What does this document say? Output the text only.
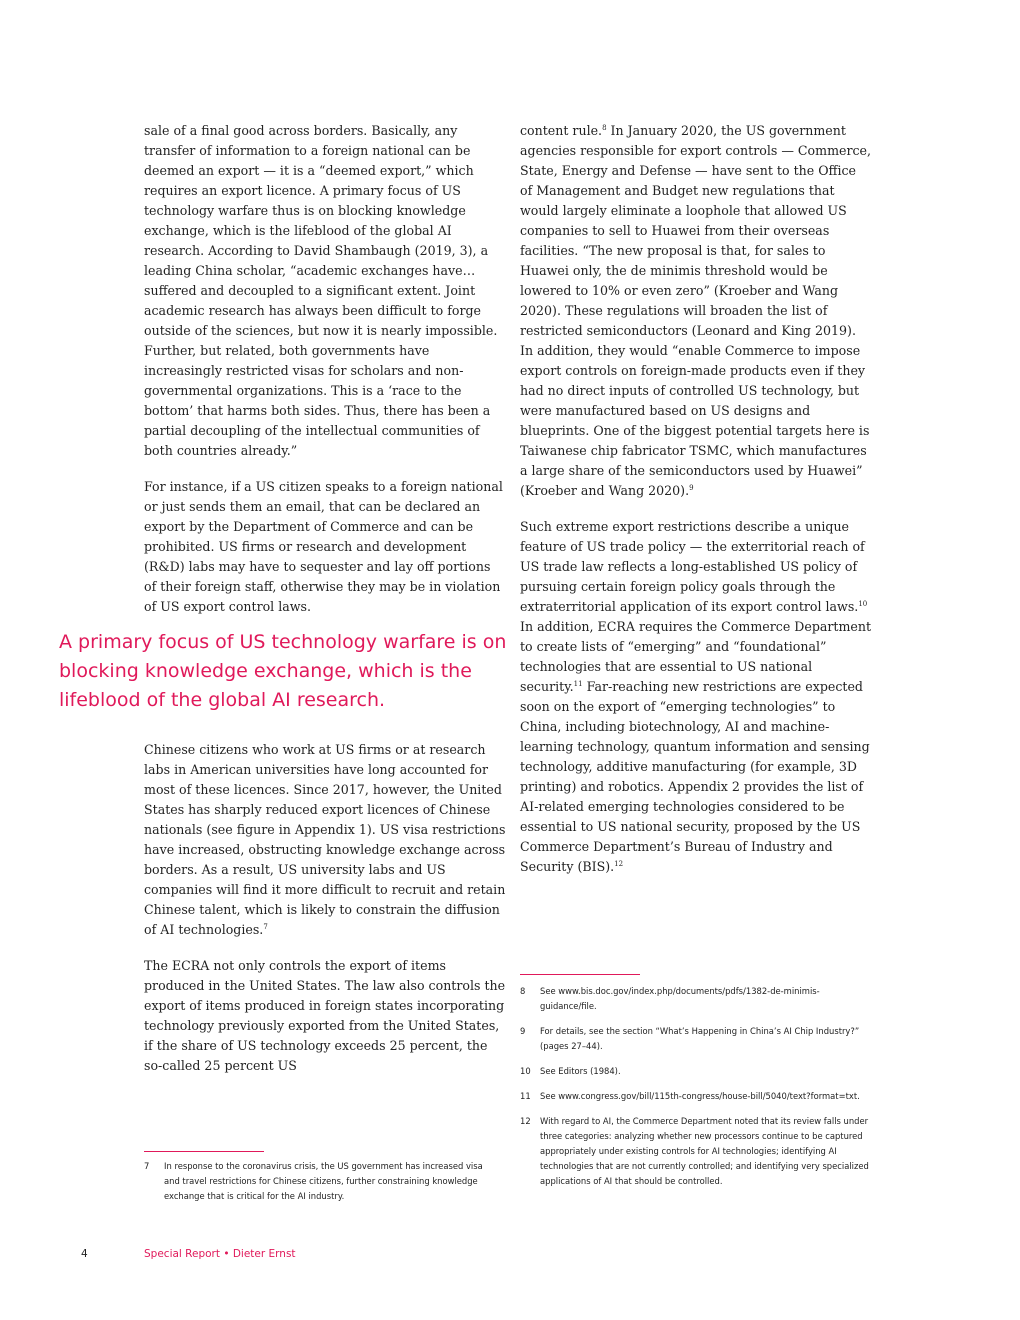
sale of a final good across borders. Basically, any transfer of information to a foreign national can be deemed an export — it is a “deemed export,” which requires an export licence. A primary focus of US technology warfare thus is on blocking knowledge exchange, which is the lifeblood of the global AI research. According to David Shambaugh (2019, 3), a leading China scholar, “academic exchanges have…suffered and decoupled to a significant extent. Joint academic research has always been difficult to forge outside of the sciences, but now it is nearly impossible. Further, but related, both governments have increasingly restricted visas for scholars and non-governmental organizations. This is a ‘race to the bottom’ that harms both sides. Thus, there has been a partial decoupling of the intellectual communities of both countries already.”

For instance, if a US citizen speaks to a foreign national or just sends them an email, that can be declared an export by the Department of Commerce and can be prohibited. US firms or research and development (R&D) labs may have to sequester and lay off portions of their foreign staff, otherwise they may be in violation of US export control laws.

A primary focus of US technology warfare is on blocking knowledge exchange, which is the lifeblood of the global AI research.

Chinese citizens who work at US firms or at research labs in American universities have long accounted for most of these licences. Since 2017, however, the United States has sharply reduced export licences of Chinese nationals (see figure in Appendix 1). US visa restrictions have increased, obstructing knowledge exchange across borders. As a result, US university labs and US companies will find it more difficult to recruit and retain Chinese talent, which is likely to constrain the diffusion of AI technologies.$^7$

The ECRA not only controls the export of items produced in the United States. The law also controls the export of items produced in foreign states incorporating technology previously exported from the United States, if the share of US technology exceeds 25 percent, the so-called 25 percent US

content rule.$^8$ In January 2020, the US government agencies responsible for export controls — Commerce, State, Energy and Defense — have sent to the Office of Management and Budget new regulations that would largely eliminate a loophole that allowed US companies to sell to Huawei from their overseas facilities. “The new proposal is that, for sales to Huawei only, the de minimis threshold would be lowered to 10% or even zero” (Kroeber and Wang 2020). These regulations will broaden the list of restricted semiconductors (Leonard and King 2019). In addition, they would “enable Commerce to impose export controls on foreign-made products even if they had no direct inputs of controlled US technology, but were manufactured based on US designs and blueprints. One of the biggest potential targets here is Taiwanese chip fabricator TSMC, which manufactures a large share of the semiconductors used by Huawei” (Kroeber and Wang 2020).$^9$

Such extreme export restrictions describe a unique feature of US trade policy — the exterritorial reach of US trade law reflects a long-established US policy of pursuing certain foreign policy goals through the extraterritorial application of its export control laws.$^{10}$ In addition, ECRA requires the Commerce Department to create lists of “emerging” and “foundational” technologies that are essential to US national security.$^{11}$ Far-reaching new restrictions are expected soon on the export of “emerging technologies” to China, including biotechnology, AI and machine-learning technology, quantum information and sensing technology, additive manufacturing (for example, 3D printing) and robotics. Appendix 2 provides the list of AI-related emerging technologies considered to be essential to US national security, proposed by the US Commerce Department’s Bureau of Industry and Security (BIS).$^{12}$

8	See www.bis.doc.gov/index.php/documents/pdfs/1382-de-minimis-guidance/file.
9	For details, see the section “What’s Happening in China’s AI Chip Industry?” (pages 27–44).
10	See Editors (1984).
11	See www.congress.gov/bill/115th-congress/house-bill/5040/text?format=txt.
12	With regard to AI, the Commerce Department noted that its review falls under three categories: analyzing whether new processors continue to be captured appropriately under existing controls for AI technologies; identifying AI technologies that are not currently controlled; and identifying very specialized applications of AI that should be controlled.
7	In response to the coronavirus crisis, the US government has increased visa and travel restrictions for Chinese citizens, further constraining knowledge exchange that is critical for the AI industry.
4	Special Report • Dieter Ernst
